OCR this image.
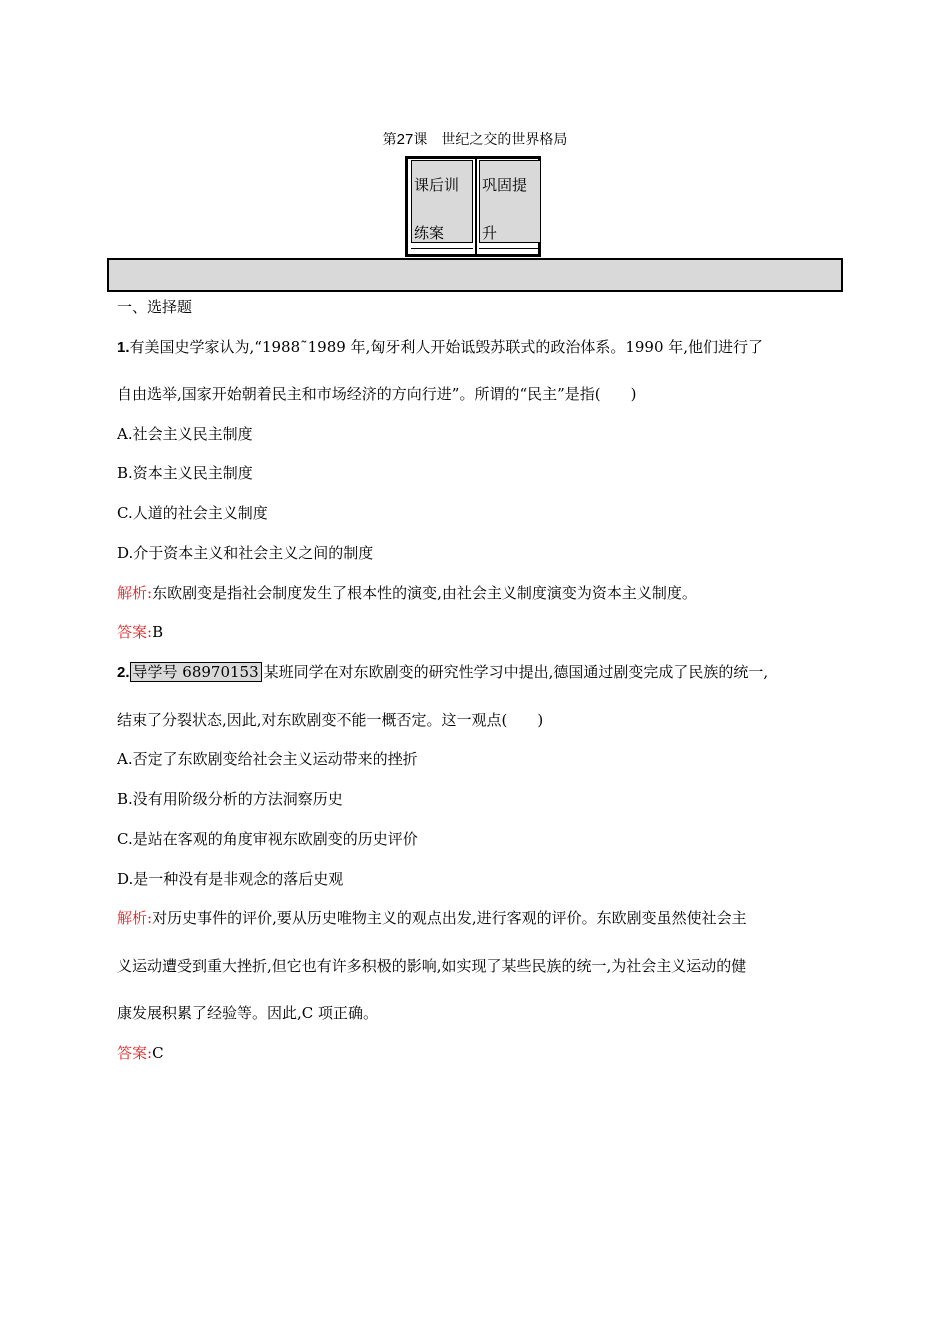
第27课　世纪之交的世界格局
课后训
练案
巩固提
升
一、选择题
1.有美国史学家认为,“1988˜1989 年,匈牙利人开始诋毁苏联式的政治体系。1990 年,他们进行了
自由选举,国家开始朝着民主和市场经济的方向行进”。所谓的“民主”是指(　　)
A.社会主义民主制度
B.资本主义民主制度
C.人道的社会主义制度
D.介于资本主义和社会主义之间的制度
解析:东欧剧变是指社会制度发生了根本性的演变,由社会主义制度演变为资本主义制度。
答案:B
2. 导学号 68970153 某班同学在对东欧剧变的研究性学习中提出,德国通过剧变完成了民族的统一,
结束了分裂状态,因此,对东欧剧变不能一概否定。这一观点(　　)
A.否定了东欧剧变给社会主义运动带来的挫折
B.没有用阶级分析的方法洞察历史
C.是站在客观的角度审视东欧剧变的历史评价
D.是一种没有是非观念的落后史观
解析:对历史事件的评价,要从历史唯物主义的观点出发,进行客观的评价。东欧剧变虽然使社会主
义运动遭受到重大挫折,但它也有许多积极的影响,如实现了某些民族的统一,为社会主义运动的健
康发展积累了经验等。因此,C 项正确。
答案:C
